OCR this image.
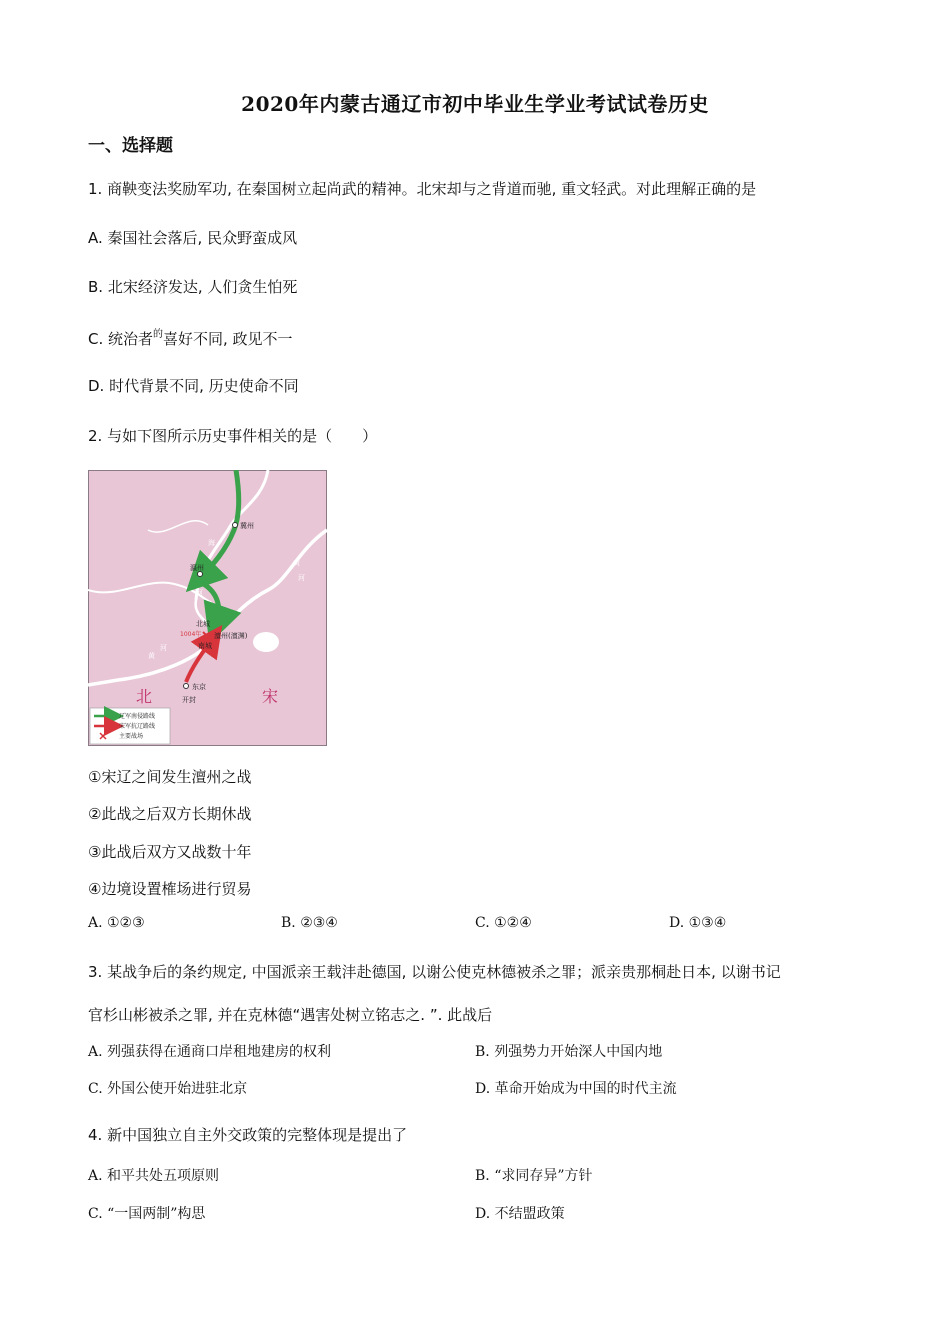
2020年内蒙古通辽市初中毕业生学业考试试卷历史
一、选择题
1. 商鞅变法奖励军功, 在秦国树立起尚武的精神。北宋却与之背道而驰, 重文轻武。对此理解正确的是
A. 秦国社会落后, 民众野蛮成风
B. 北宋经济发达, 人们贪生怕死
C. 统治者$^的$喜好不同, 政见不一
D. 时代背景不同, 历史使命不同
2. 与如下图所示历史事件相关的是（　　）
冀州
瀛州
北城
1004年 澶州(澶渊)
南城
东京
开封
海
河
黄
河
黄
河
北	宋
辽军南侵路线
宋军抗辽路线
主要战场
①宋辽之间发生澶州之战
②此战之后双方长期休战
③此战后双方又战数十年
④边境设置榷场进行贸易
A. ①②③	B. ②③④	C. ①②④	D. ①③④
3. 某战争后的条约规定, 中国派亲王载沣赴德国, 以谢公使克林德被杀之罪；派亲贵那桐赴日本, 以谢书记
官杉山彬被杀之罪, 并在克林德“遇害处树立铭志之. ”. 此战后
A. 列强获得在通商口岸租地建房的权利	B. 列强势力开始深人中国内地
C. 外国公使开始进驻北京	D. 革命开始成为中国的时代主流
4. 新中国独立自主外交政策的完整体现是提出了
A. 和平共处五项原则	B. “求同存异”方针
C. “一国两制”构思	D. 不结盟政策
